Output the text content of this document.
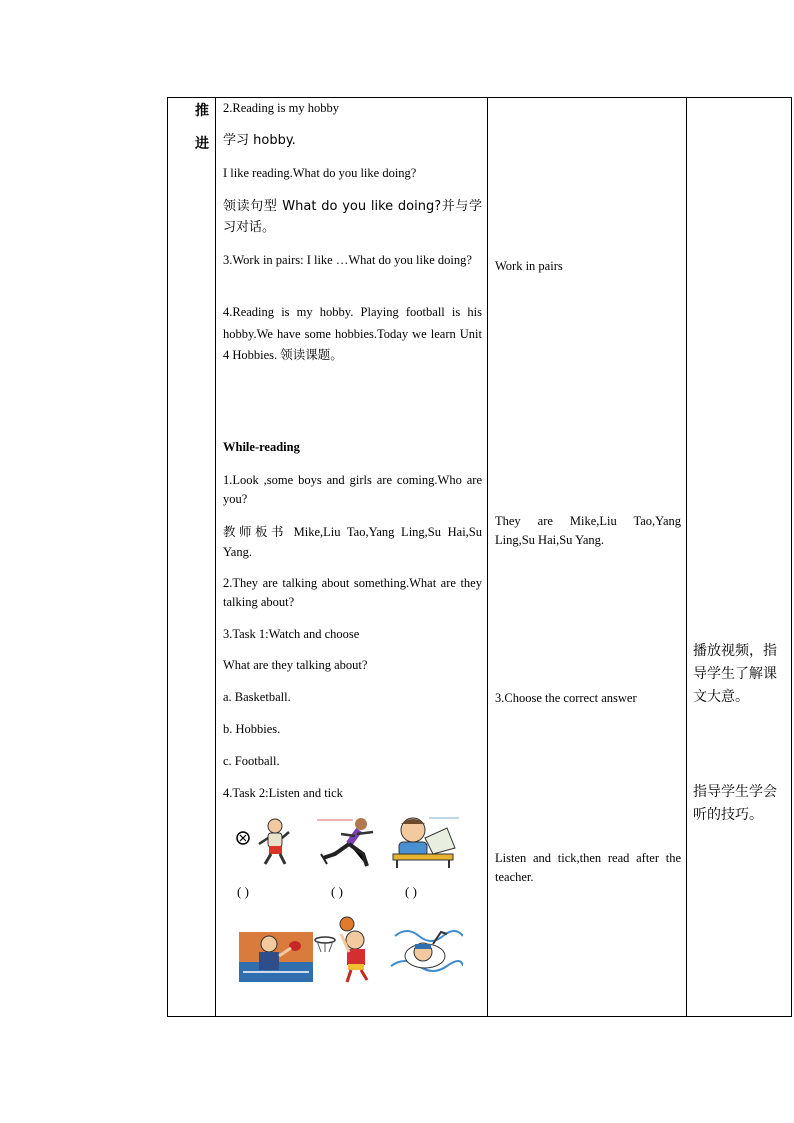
推
进

2.Reading is my hobby

学习 hobby.

I like reading.What do you like doing?

领读句型 What do you like doing?并与学习对话。

3.Work in pairs: I like …What do you like doing?

4.Reading is my hobby. Playing football is his hobby.We have some hobbies.Today we learn Unit 4 Hobbies. 领读课题。

While-reading

1.Look ,some boys and girls are coming.Who are you?

教师板书 Mike,Liu Tao,Yang Ling,Su Hai,Su Yang.

2.They are talking about something.What are they talking about?

3.Task 1:Watch and choose

What are they talking about?

a. Basketball.

b. Hobbies.

c. Football.

4.Task 2:Listen and tick

( )	( )	( )

Work in pairs

They are Mike,Liu Tao,Yang Ling,Su Hai,Su Yang.

3.Choose the correct answer

Listen and tick,then read after the teacher.

播放视频，指导学生了解课文大意。

指导学生学会听的技巧。
